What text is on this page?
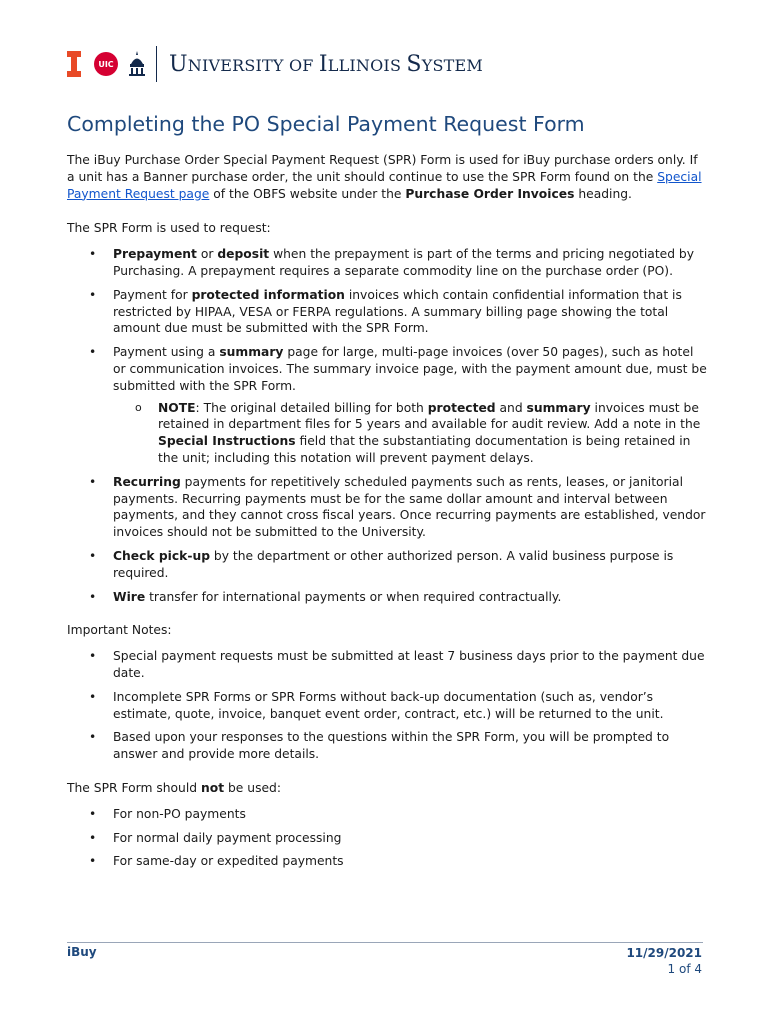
UIC	UNIVERSITY OF ILLINOIS SYSTEM
Completing the PO Special Payment Request Form

The iBuy Purchase Order Special Payment Request (SPR) Form is used for iBuy purchase orders only. If a unit has a Banner purchase order, the unit should continue to use the SPR Form found on the Special Payment Request page of the OBFS website under the Purchase Order Invoices heading.

The SPR Form is used to request:

• Prepayment or deposit when the prepayment is part of the terms and pricing negotiated by Purchasing. A prepayment requires a separate commodity line on the purchase order (PO).
• Payment for protected information invoices which contain confidential information that is restricted by HIPAA, VESA or FERPA regulations. A summary billing page showing the total amount due must be submitted with the SPR Form.
• Payment using a summary page for large, multi-page invoices (over 50 pages), such as hotel or communication invoices. The summary invoice page, with the payment amount due, must be submitted with the SPR Form.
o NOTE: The original detailed billing for both protected and summary invoices must be retained in department files for 5 years and available for audit review. Add a note in the Special Instructions field that the substantiating documentation is being retained in the unit; including this notation will prevent payment delays.
• Recurring payments for repetitively scheduled payments such as rents, leases, or janitorial payments. Recurring payments must be for the same dollar amount and interval between payments, and they cannot cross fiscal years. Once recurring payments are established, vendor invoices should not be submitted to the University.
• Check pick-up by the department or other authorized person. A valid business purpose is required.
• Wire transfer for international payments or when required contractually.

Important Notes:

• Special payment requests must be submitted at least 7 business days prior to the payment due date.
• Incomplete SPR Forms or SPR Forms without back-up documentation (such as, vendor’s estimate, quote, invoice, banquet event order, contract, etc.) will be returned to the unit.
• Based upon your responses to the questions within the SPR Form, you will be prompted to answer and provide more details.

The SPR Form should not be used:

• For non-PO payments
• For normal daily payment processing
• For same-day or expedited payments
iBuy	11/29/2021
1 of 4
